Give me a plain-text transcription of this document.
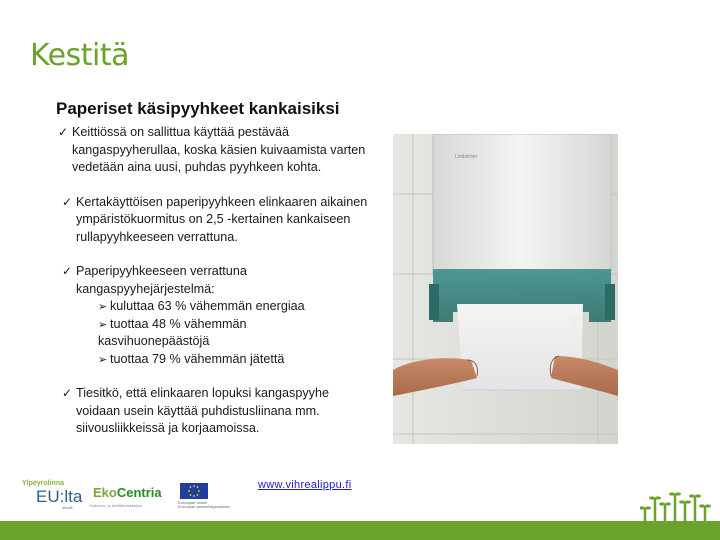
Kestitä
Paperiset käsipyyhkeet kankaisiksi
✓ Keittiössä on sallittua käyttää pestävää kangaspyyherullaa, koska käsien kuivaamista varten vedetään aina uusi, puhdas pyyhkeen kohta.
✓ Kertakäyttöisen paperipyyhkeen elinkaaren aikainen ympäristökuormitus on 2,5 -kertainen kankaiseen rullapyyhkeeseen verrattuna.
✓ Paperipyyhkeeseen verrattuna kangaspyyhejärjestelmä:
➢ kuluttaa 63 % vähemmän energiaa
➢ tuottaa 48 % vähemmän
kasvihuonepäästöjä
➢ tuottaa 79 % vähemmän jätettä
✓ Tiesitkö, että elinkaaren lopuksi kangaspyyhe voidaan usein käyttää puhdistusliinana mm. siivousliikkeissä ja korjaamoissa.
Lindström
www.vihrealippu.fi
Ylpeyrolinna
EU:lta
tekstit
EkoCentria
Tutkimus- ja kehittämiskeskus
Euroopan unioni
Euroopan aluekehitysrahasto
